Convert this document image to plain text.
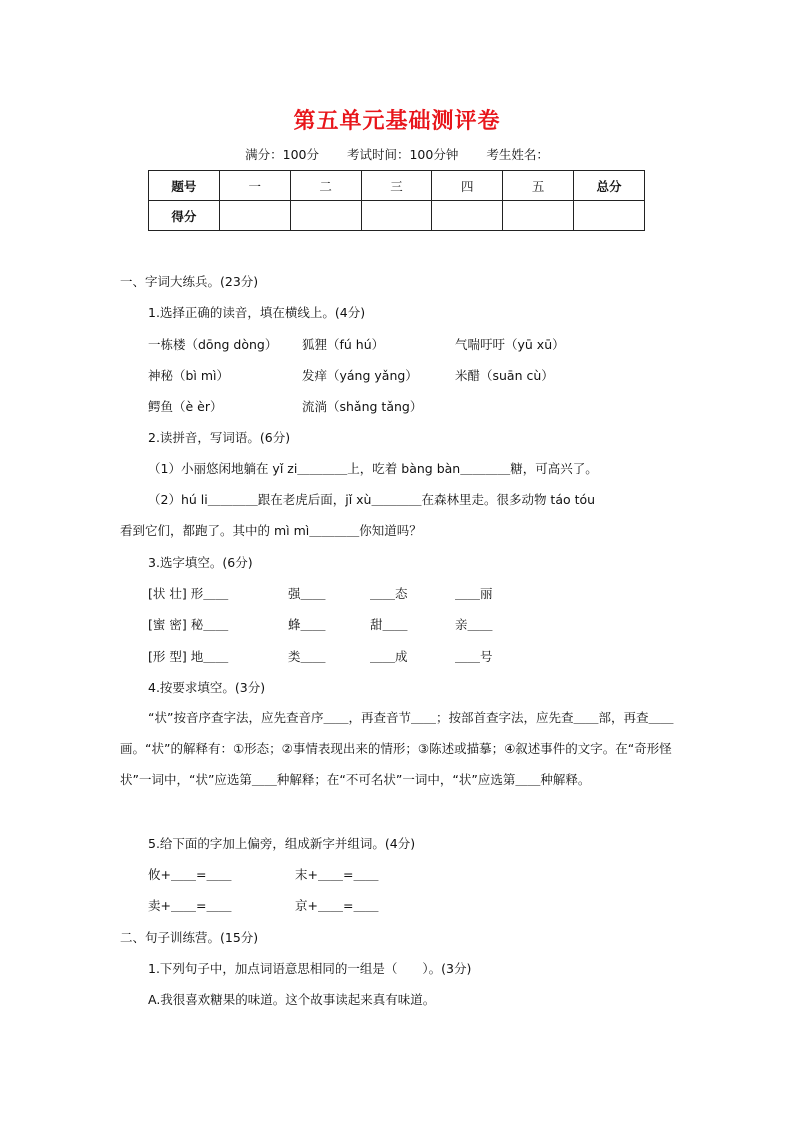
第五单元基础测评卷
满分：100分 考试时间：100分钟 考生姓名：
题号	一	二	三	四	五	总分
得分						
一、字词大练兵。(23分)
1.选择正确的读音，填在横线上。(4分)
一栋楼（dōng dòng） 狐狸（fú hú）	气喘吁吁（yū xū）
神秘（bì mì）	发痒（yáng yǎng）	米醋（suān cù）
鳄鱼（è èr）	流淌（shǎng tǎng）
2.读拼音，写词语。(6分)
（1）小丽悠闲地躺在 yǐ zi＿＿＿＿上，吃着 bàng bàn＿＿＿＿糖，可高兴了。
（2）hú li＿＿＿＿跟在老虎后面，jǐ xù＿＿＿＿在森林里走。很多动物 táo tóu
看到它们，都跑了。其中的 mì mì＿＿＿＿你知道吗？
3.选字填空。(6分)
[状 壮] 形＿＿	强＿＿	＿＿态	＿＿丽
[蜜 密] 秘＿＿	蜂＿＿	甜＿＿	亲＿＿
[形 型] 地＿＿	类＿＿	＿＿成	＿＿号
4.按要求填空。(3分)
“状”按音序查字法，应先查音序＿＿，再查音节＿＿；按部首查字法，应先查＿＿部，再查＿＿画。“状”的解释有：①形态；②事情表现出来的情形；③陈述或描摹；④叙述事件的文字。在“奇形怪状”一词中，“状”应选第＿＿种解释；在“不可名状”一词中，“状”应选第＿＿种解释。
5.给下面的字加上偏旁，组成新字并组词。(4分)
攸+＿＿=＿＿	末+＿＿=＿＿
卖+＿＿=＿＿	京+＿＿=＿＿
二、句子训练营。(15分)
1.下列句子中，加点词语意思相同的一组是（　　）。(3分)
A.我很喜欢糖果的味道。这个故事读起来真有味道。
